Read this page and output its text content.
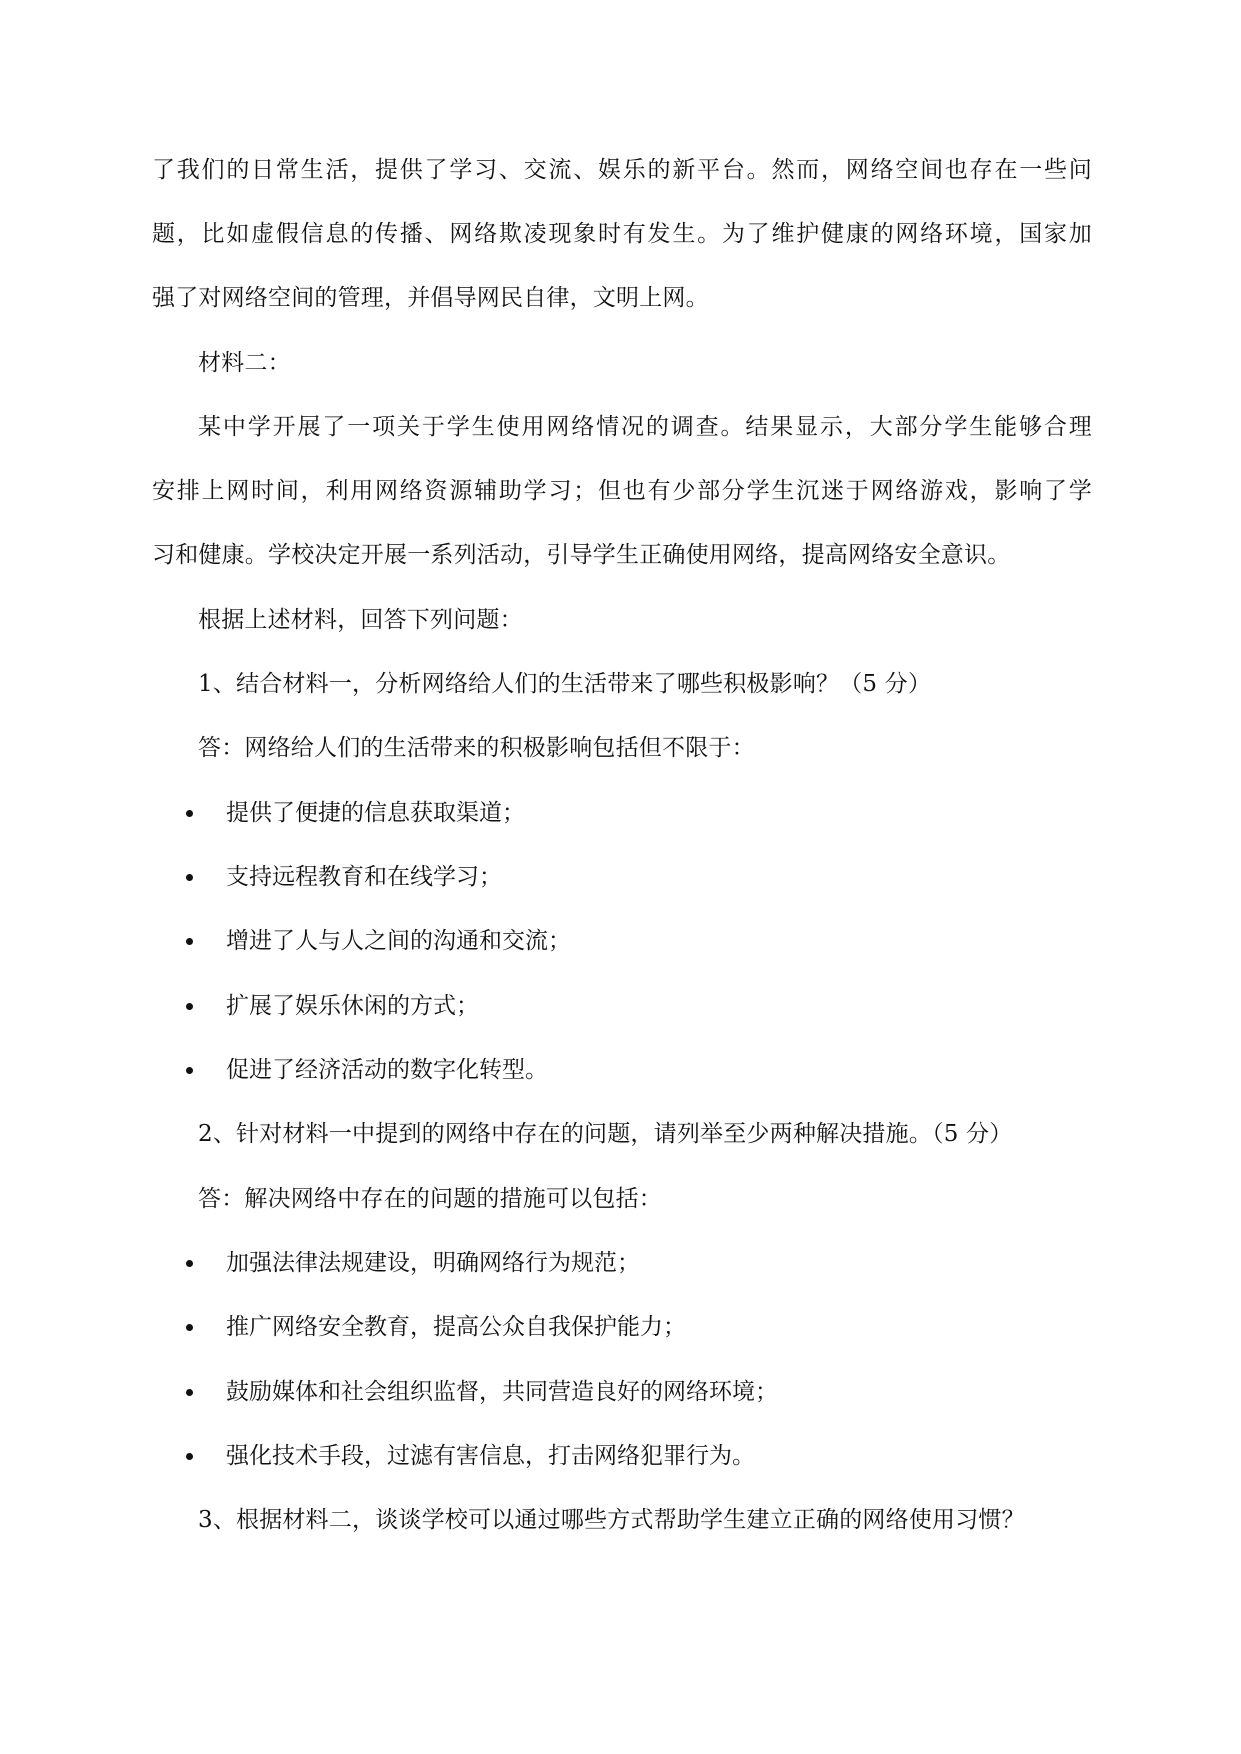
了我们的日常生活，提供了学习、交流、娱乐的新平台。然而，网络空间也存在一些问
题，比如虚假信息的传播、网络欺凌现象时有发生。为了维护健康的网络环境，国家加
强了对网络空间的管理，并倡导网民自律，文明上网。
材料二：
某中学开展了一项关于学生使用网络情况的调查。结果显示，大部分学生能够合理
安排上网时间，利用网络资源辅助学习；但也有少部分学生沉迷于网络游戏，影响了学
习和健康。学校决定开展一系列活动，引导学生正确使用网络，提高网络安全意识。
根据上述材料，回答下列问题：
1、结合材料一，分析网络给人们的生活带来了哪些积极影响？（5 分）
答：网络给人们的生活带来的积极影响包括但不限于：
提供了便捷的信息获取渠道；
支持远程教育和在线学习；
增进了人与人之间的沟通和交流；
扩展了娱乐休闲的方式；
促进了经济活动的数字化转型。
2、针对材料一中提到的网络中存在的问题，请列举至少两种解决措施。（5 分）
答：解决网络中存在的问题的措施可以包括：
加强法律法规建设，明确网络行为规范；
推广网络安全教育，提高公众自我保护能力；
鼓励媒体和社会组织监督，共同营造良好的网络环境；
强化技术手段，过滤有害信息，打击网络犯罪行为。
3、根据材料二，谈谈学校可以通过哪些方式帮助学生建立正确的网络使用习惯？
